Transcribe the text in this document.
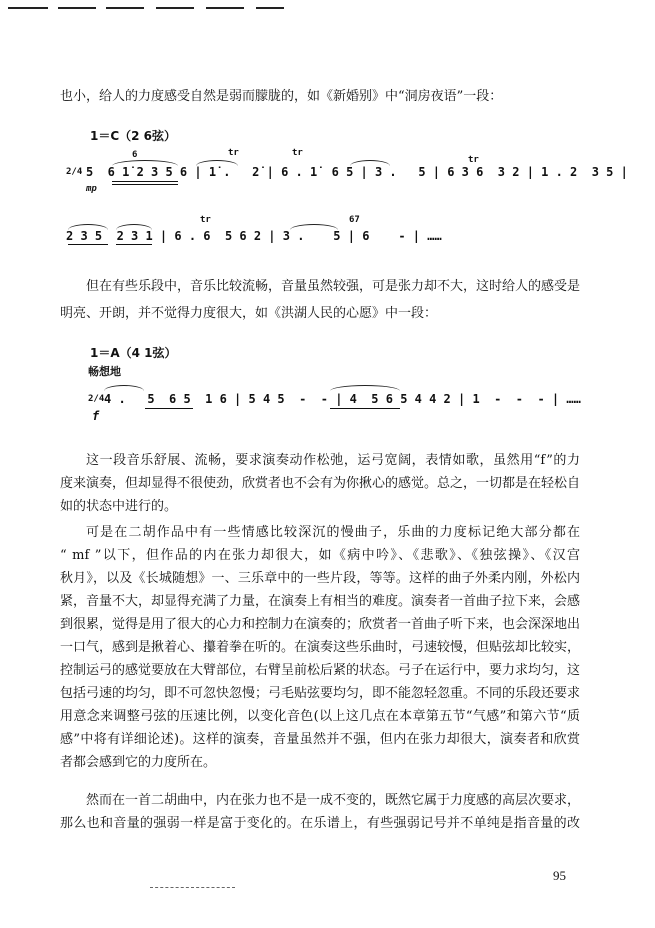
也小，给人的力度感受自然是弱而朦胧的，如《新婚别》中“洞房夜语”一段：
1＝C（2 6弦）
6	tr	tr
tr
2/4 5  6 1̇ 2 3 5 6 | 1̇ .   2̇ | 6 . 1̇  6 5 | 3 .   5 | 6 3 6  3 2 | 1 . 2  3 5 |
mp
67
tr
2 3 5  2 3 1 | 6 . 6  5 6 2 | 3 .    5 | 6    - | ……
但在有些乐段中，音乐比较流畅，音量虽然较强，可是张力却不大，这时给人的感受是
明亮、开朗，并不觉得力度很大，如《洪湖人民的心愿》中一段：
1＝A（4 1弦）
畅想地
2/4 4 .   5  6 5  1 6 | 5 4 5  -  - | 4  5 6 5 4 4 2 | 1  -  -  - | ……
f
这一段音乐舒展、流畅，要求演奏动作松弛，运弓宽阔，表情如歌，虽然用“f”的力
度来演奏，但却显得不很使劲，欣赏者也不会有为你揪心的感觉。总之，一切都是在轻松自
如的状态中进行的。
可是在二胡作品中有一些情感比较深沉的慢曲子，乐曲的力度标记绝大部分都在
“ mf ”以下，但作品的内在张力却很大，如《病中吟》、《悲歌》、《独弦操》、《汉宫
秋月》，以及《长城随想》一、三乐章中的一些片段，等等。这样的曲子外柔内刚，外松内
紧，音量不大，却显得充满了力量，在演奏上有相当的难度。演奏者一首曲子拉下来，会感
到很累，觉得是用了很大的心力和控制力在演奏的；欣赏者一首曲子听下来，也会深深地出
一口气，感到是揪着心、攥着拳在听的。在演奏这些乐曲时，弓速较慢，但贴弦却比较实，
控制运弓的感觉要放在大臂部位，右臂呈前松后紧的状态。弓子在运行中，要力求均匀，这
包括弓速的均匀，即不可忽快忽慢；弓毛贴弦要均匀，即不能忽轻忽重。不同的乐段还要求
用意念来调整弓弦的压速比例，以变化音色(以上这几点在本章第五节“气感”和第六节“质
感”中将有详细论述)。这样的演奏，音量虽然并不强，但内在张力却很大，演奏者和欣赏
者都会感到它的力度所在。
然而在一首二胡曲中，内在张力也不是一成不变的，既然它属于力度感的高层次要求，
那么也和音量的强弱一样是富于变化的。在乐谱上，有些强弱记号并不单纯是指音量的改
95
